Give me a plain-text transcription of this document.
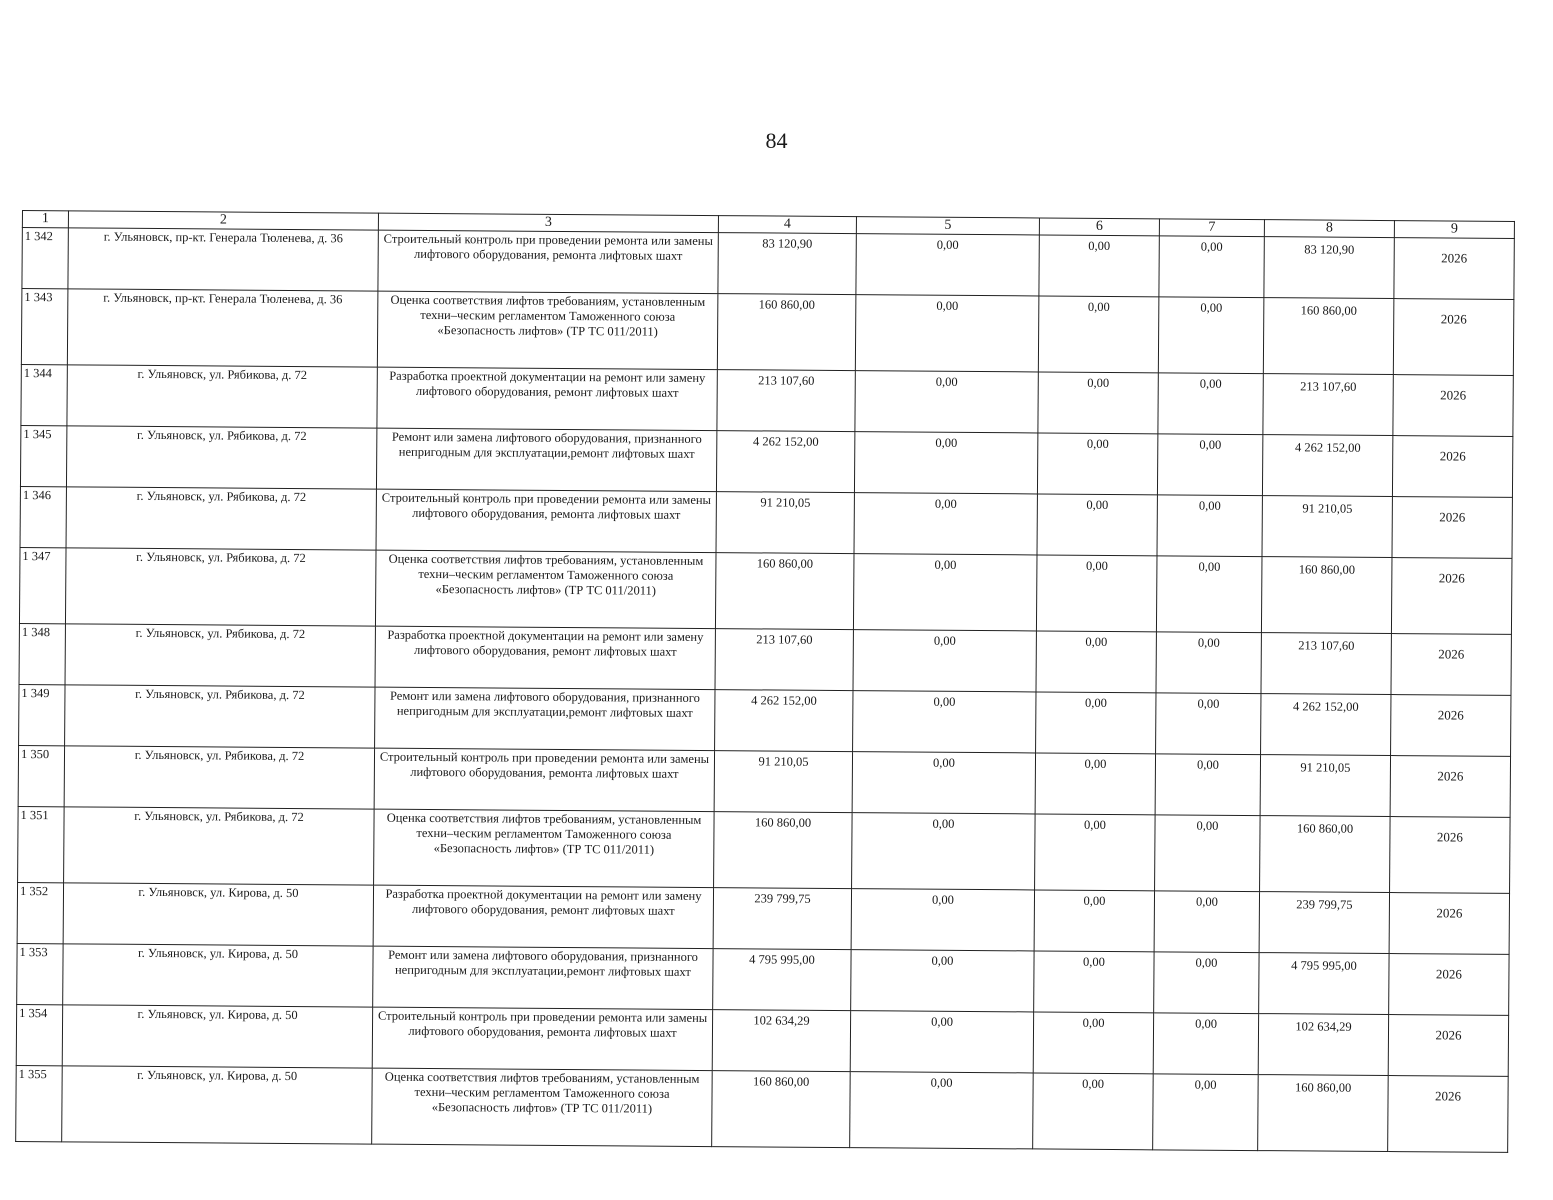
84
1	2	3	4	5	6	7	8	9
1 342	г. Ульяновск, пр-кт. Генерала Тюленева, д. 36	Строительный контроль при проведении ремонта или замены лифтового оборудования, ремонта лифтовых шахт	83 120,90	0,00	0,00	0,00	83 120,90	2026
1 343	г. Ульяновск, пр-кт. Генерала Тюленева, д. 36	Оценка соответствия лифтов требованиям, установленным техни–ческим регламентом Таможенного союза «Безопасность лифтов» (ТР ТС 011/2011)	160 860,00	0,00	0,00	0,00	160 860,00	2026
1 344	г. Ульяновск, ул. Рябикова, д. 72	Разработка проектной документации на ремонт или замену лифтового оборудования, ремонт лифтовых шахт	213 107,60	0,00	0,00	0,00	213 107,60	2026
1 345	г. Ульяновск, ул. Рябикова, д. 72	Ремонт или замена лифтового оборудования, признанного непригодным для эксплуатации,ремонт лифтовых шахт	4 262 152,00	0,00	0,00	0,00	4 262 152,00	2026
1 346	г. Ульяновск, ул. Рябикова, д. 72	Строительный контроль при проведении ремонта или замены лифтового оборудования, ремонта лифтовых шахт	91 210,05	0,00	0,00	0,00	91 210,05	2026
1 347	г. Ульяновск, ул. Рябикова, д. 72	Оценка соответствия лифтов требованиям, установленным техни–ческим регламентом Таможенного союза «Безопасность лифтов» (ТР ТС 011/2011)	160 860,00	0,00	0,00	0,00	160 860,00	2026
1 348	г. Ульяновск, ул. Рябикова, д. 72	Разработка проектной документации на ремонт или замену лифтового оборудования, ремонт лифтовых шахт	213 107,60	0,00	0,00	0,00	213 107,60	2026
1 349	г. Ульяновск, ул. Рябикова, д. 72	Ремонт или замена лифтового оборудования, признанного непригодным для эксплуатации,ремонт лифтовых шахт	4 262 152,00	0,00	0,00	0,00	4 262 152,00	2026
1 350	г. Ульяновск, ул. Рябикова, д. 72	Строительный контроль при проведении ремонта или замены лифтового оборудования, ремонта лифтовых шахт	91 210,05	0,00	0,00	0,00	91 210,05	2026
1 351	г. Ульяновск, ул. Рябикова, д. 72	Оценка соответствия лифтов требованиям, установленным техни–ческим регламентом Таможенного союза «Безопасность лифтов» (ТР ТС 011/2011)	160 860,00	0,00	0,00	0,00	160 860,00	2026
1 352	г. Ульяновск, ул. Кирова, д. 50	Разработка проектной документации на ремонт или замену лифтового оборудования, ремонт лифтовых шахт	239 799,75	0,00	0,00	0,00	239 799,75	2026
1 353	г. Ульяновск, ул. Кирова, д. 50	Ремонт или замена лифтового оборудования, признанного непригодным для эксплуатации,ремонт лифтовых шахт	4 795 995,00	0,00	0,00	0,00	4 795 995,00	2026
1 354	г. Ульяновск, ул. Кирова, д. 50	Строительный контроль при проведении ремонта или замены лифтового оборудования, ремонта лифтовых шахт	102 634,29	0,00	0,00	0,00	102 634,29	2026
1 355	г. Ульяновск, ул. Кирова, д. 50	Оценка соответствия лифтов требованиям, установленным техни–ческим регламентом Таможенного союза «Безопасность лифтов» (ТР ТС 011/2011)	160 860,00	0,00	0,00	0,00	160 860,00	2026
